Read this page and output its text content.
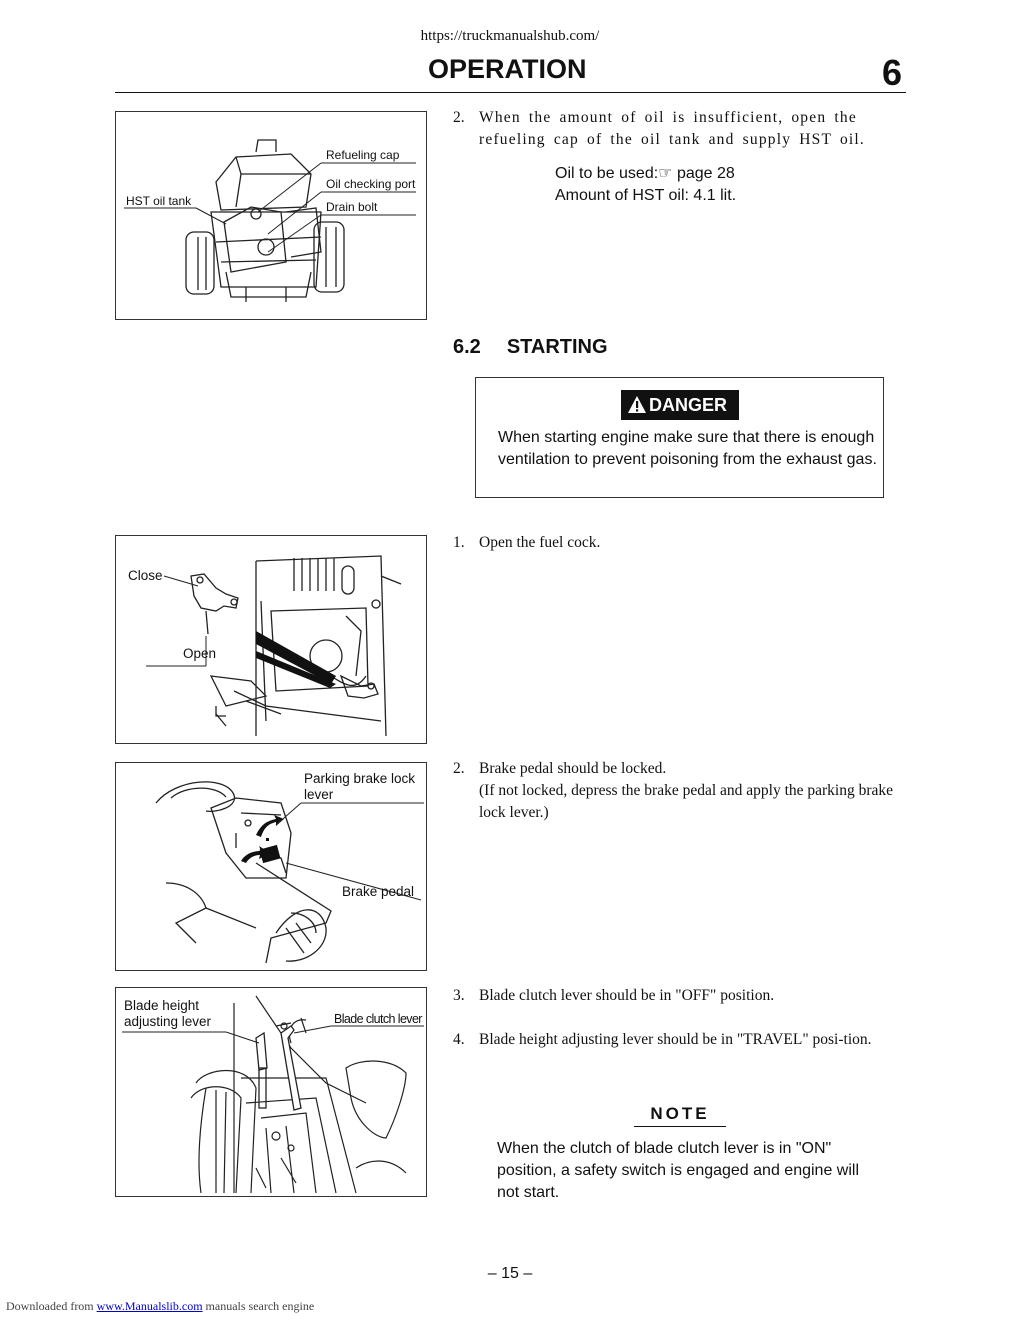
https://truckmanualshub.com/
OPERATION	6
Refueling cap
Oil checking port
Drain bolt
HST oil tank
2. When the amount of oil is insufficient, open the refueling cap of the oil tank and supply HST oil.
Oil to be used:☞ page 28
Amount of HST oil: 4.1 lit.
6.2 STARTING
DANGER
When starting engine make sure that there is enough ventilation to prevent poisoning from the exhaust gas.
Close
Open
1. Open the fuel cock.
Parking brake lock lever
Brake pedal
2. Brake pedal should be locked.
(If not locked, depress the brake pedal and apply the parking brake lock lever.)
Blade height adjusting lever	Blade clutch lever
3. Blade clutch lever should be in "OFF" position.
4. Blade height adjusting lever should be in "TRAVEL" posi-tion.
NOTE
When the clutch of blade clutch lever is in "ON" position, a safety switch is engaged and engine will not start.
– 15 –
Downloaded from www.Manualslib.com manuals search engine
